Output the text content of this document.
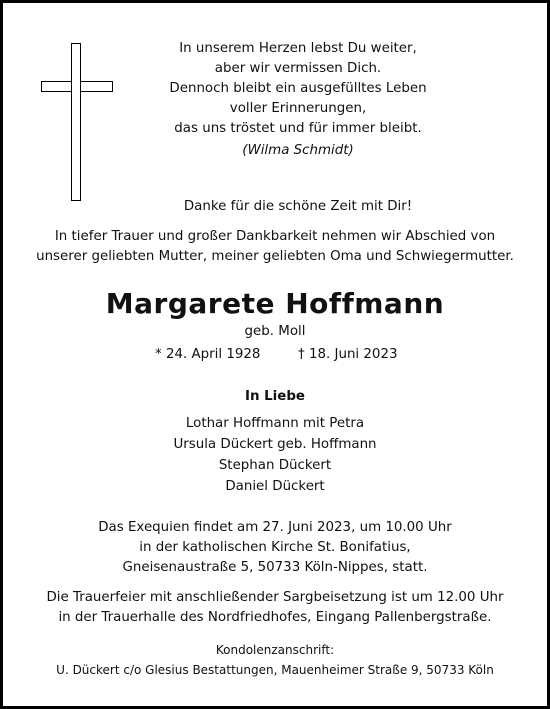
In unserem Herzen lebst Du weiter,
aber wir vermissen Dich.
Dennoch bleibt ein ausgefülltes Leben
voller Erinnerungen,
das uns tröstet und für immer bleibt.
(Wilma Schmidt)
Danke für die schöne Zeit mit Dir!
In tiefer Trauer und großer Dankbarkeit nehmen wir Abschied von
unserer geliebten Mutter, meiner geliebten Oma und Schwiegermutter.
Margarete Hoffmann
geb. Moll
* 24. April 1928	† 18. Juni 2023
In Liebe
Lothar Hoffmann mit Petra
Ursula Dückert geb. Hoffmann
Stephan Dückert
Daniel Dückert
Das Exequien findet am 27. Juni 2023, um 10.00 Uhr
in der katholischen Kirche St. Bonifatius,
Gneisenaustraße 5, 50733 Köln-Nippes, statt.
Die Trauerfeier mit anschließender Sargbeisetzung ist um 12.00 Uhr
in der Trauerhalle des Nordfriedhofes, Eingang Pallenbergstraße.
Kondolenzanschrift:
U. Dückert c/o Glesius Bestattungen, Mauenheimer Straße 9, 50733 Köln
